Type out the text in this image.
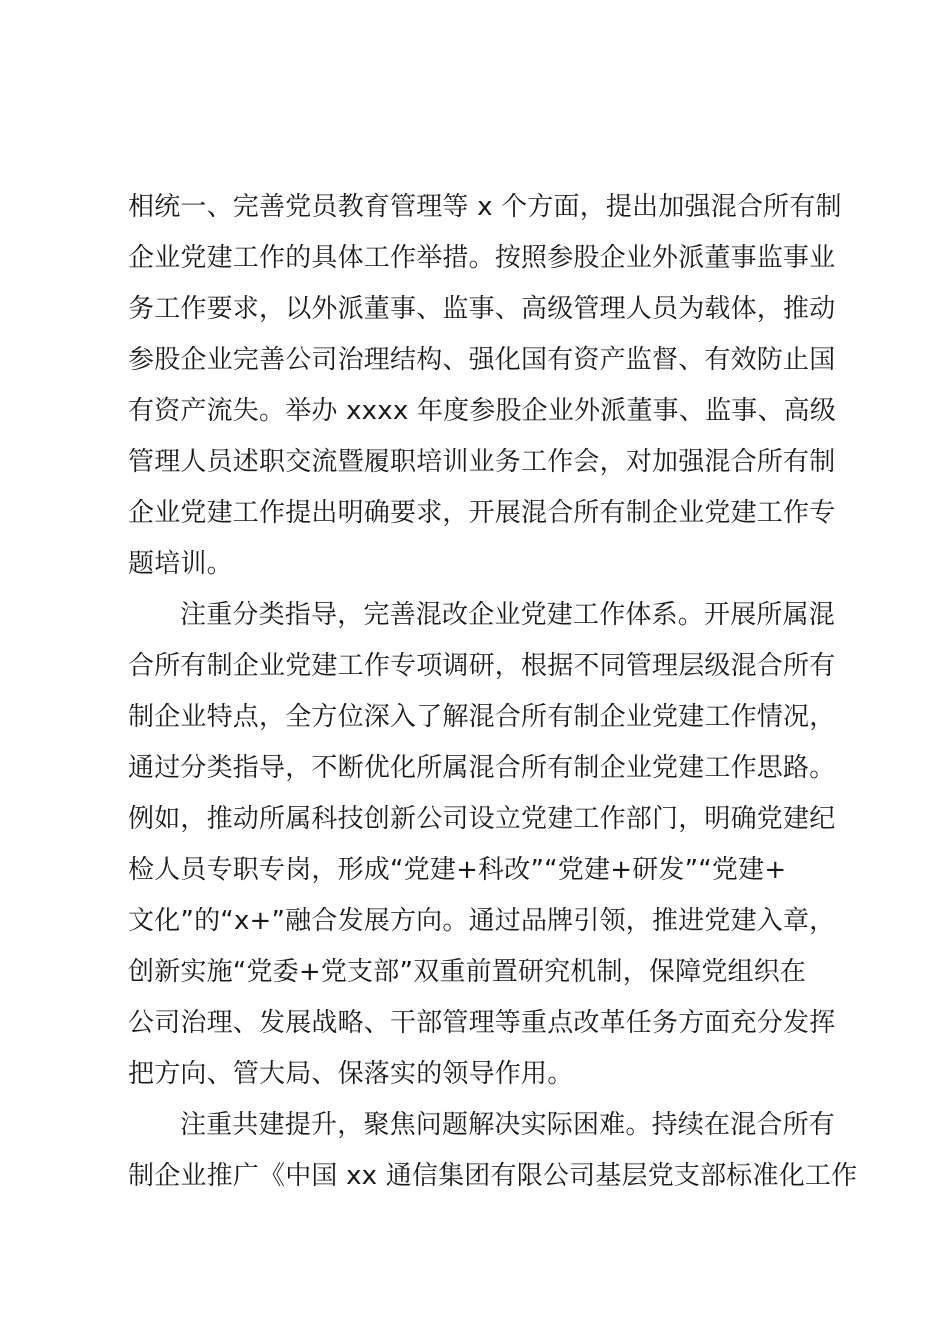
相统一、完善党员教育管理等 x 个方面，提出加强混合所有制
企业党建工作的具体工作举措。按照参股企业外派董事监事业
务工作要求，以外派董事、监事、高级管理人员为载体，推动
参股企业完善公司治理结构、强化国有资产监督、有效防止国
有资产流失。举办 xxxx 年度参股企业外派董事、监事、高级
管理人员述职交流暨履职培训业务工作会，对加强混合所有制
企业党建工作提出明确要求，开展混合所有制企业党建工作专
题培训。
注重分类指导，完善混改企业党建工作体系。开展所属混
合所有制企业党建工作专项调研，根据不同管理层级混合所有
制企业特点，全方位深入了解混合所有制企业党建工作情况，
通过分类指导，不断优化所属混合所有制企业党建工作思路。
例如，推动所属科技创新公司设立党建工作部门，明确党建纪
检人员专职专岗，形成“党建+科改”“党建+研发”“党建+
文化”的“x+”融合发展方向。通过品牌引领，推进党建入章，
创新实施“党委+党支部”双重前置研究机制，保障党组织在
公司治理、发展战略、干部管理等重点改革任务方面充分发挥
把方向、管大局、保落实的领导作用。
注重共建提升，聚焦问题解决实际困难。持续在混合所有
制企业推广《中国 xx 通信集团有限公司基层党支部标准化工作
